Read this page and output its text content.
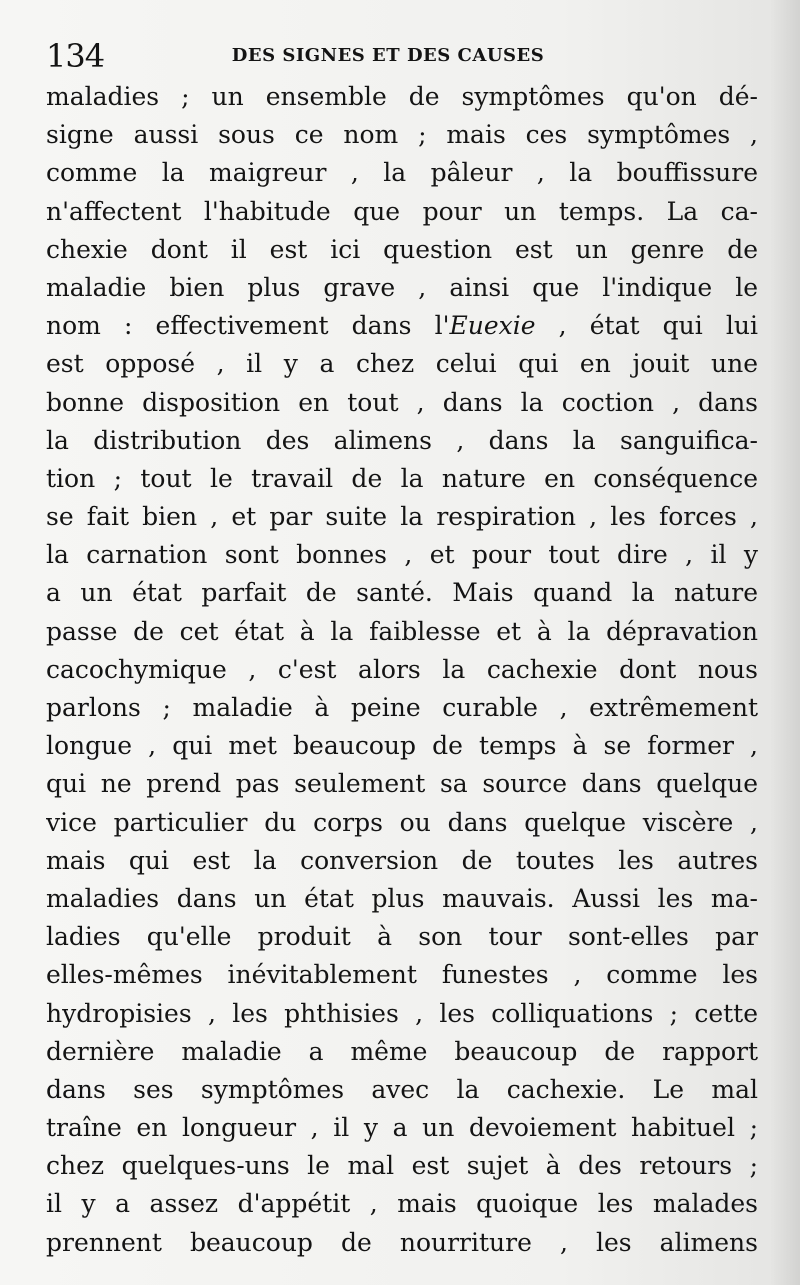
134	DES SIGNES ET DES CAUSES
maladies ; un ensemble de symptômes qu'on dé-
signe aussi sous ce nom ; mais ces symptômes ,
comme la maigreur , la pâleur , la bouffissure
n'affectent l'habitude que pour un temps. La ca-
chexie dont il est ici question est un genre de
maladie bien plus grave , ainsi que l'indique le
nom : effectivement dans l'Euexie , état qui lui
est opposé , il y a chez celui qui en jouit une
bonne disposition en tout , dans la coction , dans
la distribution des alimens , dans la sanguifica-
tion ; tout le travail de la nature en conséquence
se fait bien , et par suite la respiration , les forces ,
la carnation sont bonnes , et pour tout dire , il y
a un état parfait de santé. Mais quand la nature
passe de cet état à la faiblesse et à la dépravation
cacochymique , c'est alors la cachexie dont nous
parlons ; maladie à peine curable , extrêmement
longue , qui met beaucoup de temps à se former ,
qui ne prend pas seulement sa source dans quelque
vice particulier du corps ou dans quelque viscère ,
mais qui est la conversion de toutes les autres
maladies dans un état plus mauvais. Aussi les ma-
ladies qu'elle produit à son tour sont-elles par
elles-mêmes inévitablement funestes , comme les
hydropisies , les phthisies , les colliquations ; cette
dernière maladie a même beaucoup de rapport
dans ses symptômes avec la cachexie. Le mal
traîne en longueur , il y a un devoiement habituel ;
chez quelques-uns le mal est sujet à des retours ;
il y a assez d'appétit , mais quoique les malades
prennent beaucoup de nourriture , les alimens
